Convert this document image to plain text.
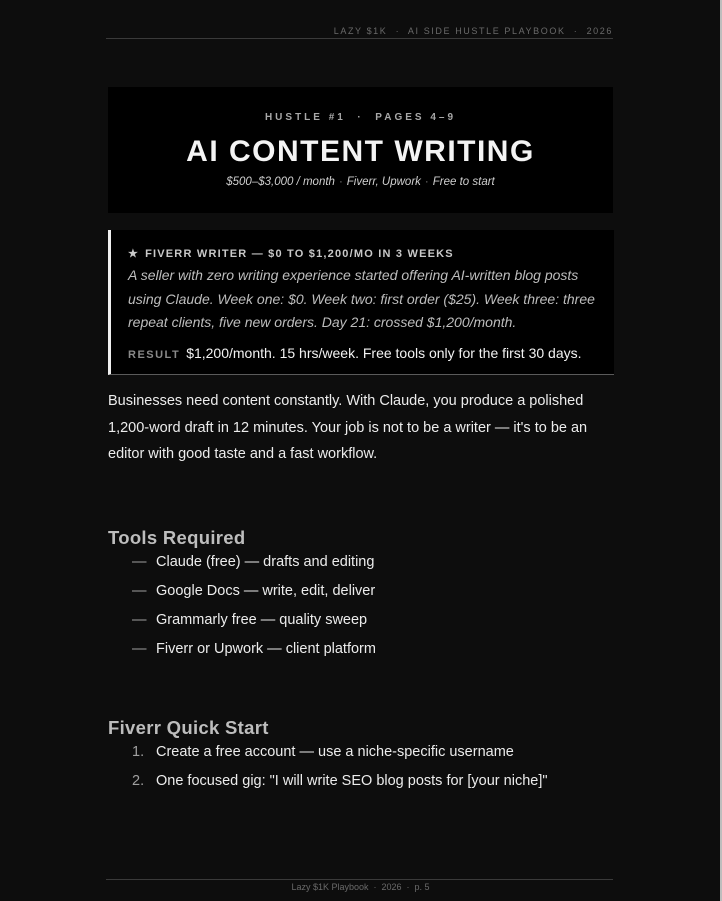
LAZY $1K  ·  AI SIDE HUSTLE PLAYBOOK  ·  2026
HUSTLE #1  ·  PAGES 4–9
AI CONTENT WRITING
$500–$3,000 / month · Fiverr, Upwork · Free to start
★ FIVERR WRITER — $0 TO $1,200/MO IN 3 WEEKS
A seller with zero writing experience started offering AI-written blog posts using Claude. Week one: $0. Week two: first order ($25). Week three: three repeat clients, five new orders. Day 21: crossed $1,200/month.
RESULT $1,200/month. 15 hrs/week. Free tools only for the first 30 days.
Businesses need content constantly. With Claude, you produce a polished 1,200-word draft in 12 minutes. Your job is not to be a writer — it's to be an editor with good taste and a fast workflow.
Tools Required
— Claude (free) — drafts and editing
— Google Docs — write, edit, deliver
— Grammarly free — quality sweep
— Fiverr or Upwork — client platform
Fiverr Quick Start
1. Create a free account — use a niche-specific username
2. One focused gig: "I will write SEO blog posts for [your niche]"
Lazy $1K Playbook  ·  2026  ·  p. 5
